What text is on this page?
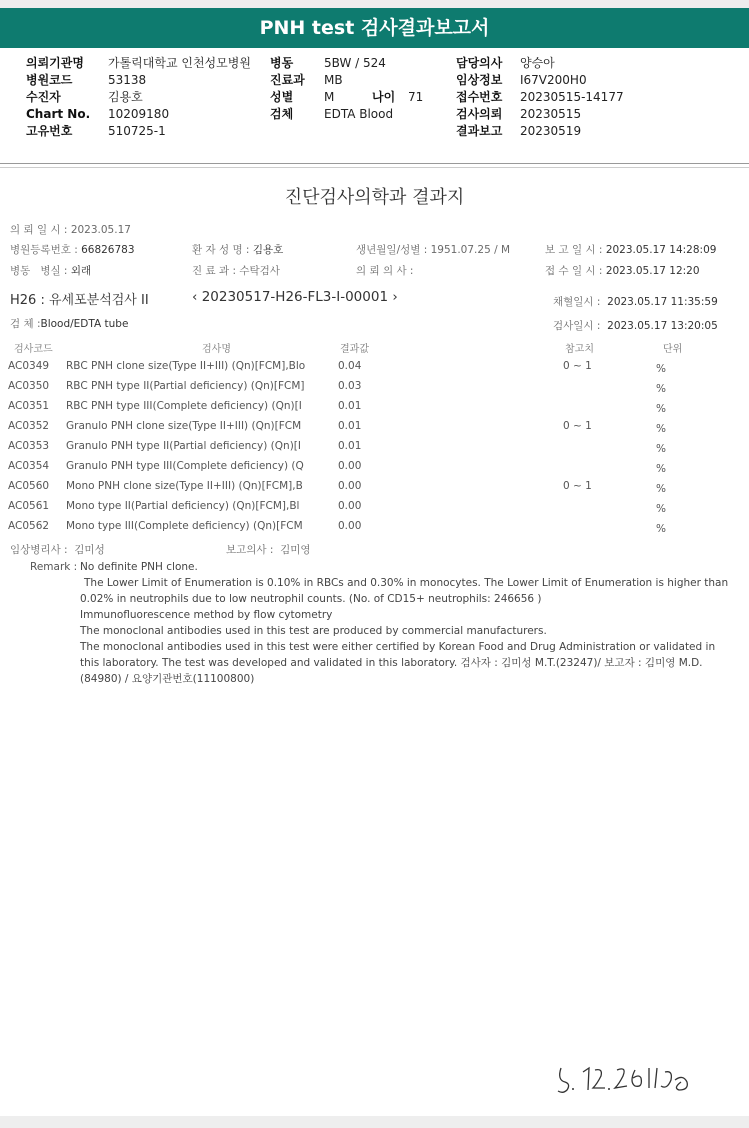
PNH test 검사결과보고서
의뢰기관명 가톨릭대학교 인천성모병원
병원코드	53138
수진자	김용호
Chart No. 10209180
고유번호	510725-1
병동	5BW / 524
진료과 MB
성별	M	나이 71
검체	EDTA Blood
담당의사 양승아
임상정보 I67V200H0
접수번호 20230515-14177
검사의뢰 20230515
결과보고 20230519
진단검사의학과 결과지
의 뢰 일 시 : 2023.05.17
병원등록번호 : 66826783	환 자 성 명 : 김용호	생년월일/성별 : 1951.07.25 / M	보 고 일 시 : 2023.05.17 14:28:09
병동 병실 : 외래	진 료 과 : 수탁검사	의 뢰 의 사 :	접 수 일 시 : 2023.05.17 12:20
H26 : 유세포분석검사 II	‹ 20230517-H26-FL3-I-00001 ›	채혈일시 : 2023.05.17 11:35:59
검 체 :Blood/EDTA tube	검사일시 : 2023.05.17 13:20:05
검사코드	검사명	결과값	참고치	단위
AC0349 RBC PNH clone size(Type II+III) (Qn)[FCM],Blo	0.04	0 ~ 1	%
AC0350 RBC PNH type II(Partial deficiency) (Qn)[FCM]	0.03	%
AC0351 RBC PNH type III(Complete deficiency) (Qn)[I	0.01	%
AC0352 Granulo PNH clone size(Type II+III) (Qn)[FCM	0.01	0 ~ 1	%
AC0353 Granulo PNH type II(Partial deficiency) (Qn)[I	0.01	%
AC0354 Granulo PNH type III(Complete deficiency) (Q	0.00	%
AC0560 Mono PNH clone size(Type II+III) (Qn)[FCM],B	0.00	0 ~ 1	%
AC0561 Mono type II(Partial deficiency) (Qn)[FCM],Bl	0.00	%
AC0562 Mono type III(Complete deficiency) (Qn)[FCM	0.00	%
임상병리사 : 김미성	보고의사 : 김미영
Remark : No definite PNH clone.
The Lower Limit of Enumeration is 0.10% in RBCs and 0.30% in monocytes. The Lower Limit of Enumeration is higher than
0.02% in neutrophils due to low neutrophil counts. (No. of CD15+ neutrophils: 246656 )
Immunofluorescence method by flow cytometry
The monoclonal antibodies used in this test are produced by commercial manufacturers.
The monoclonal antibodies used in this test were either certified by Korean Food and Drug Administration or validated in
this laboratory. The test was developed and validated in this laboratory. 검사자 : 김미성 M.T.(23247)/ 보고자 : 김미영 M.D.
(84980) / 요양기관번호(11100800)
